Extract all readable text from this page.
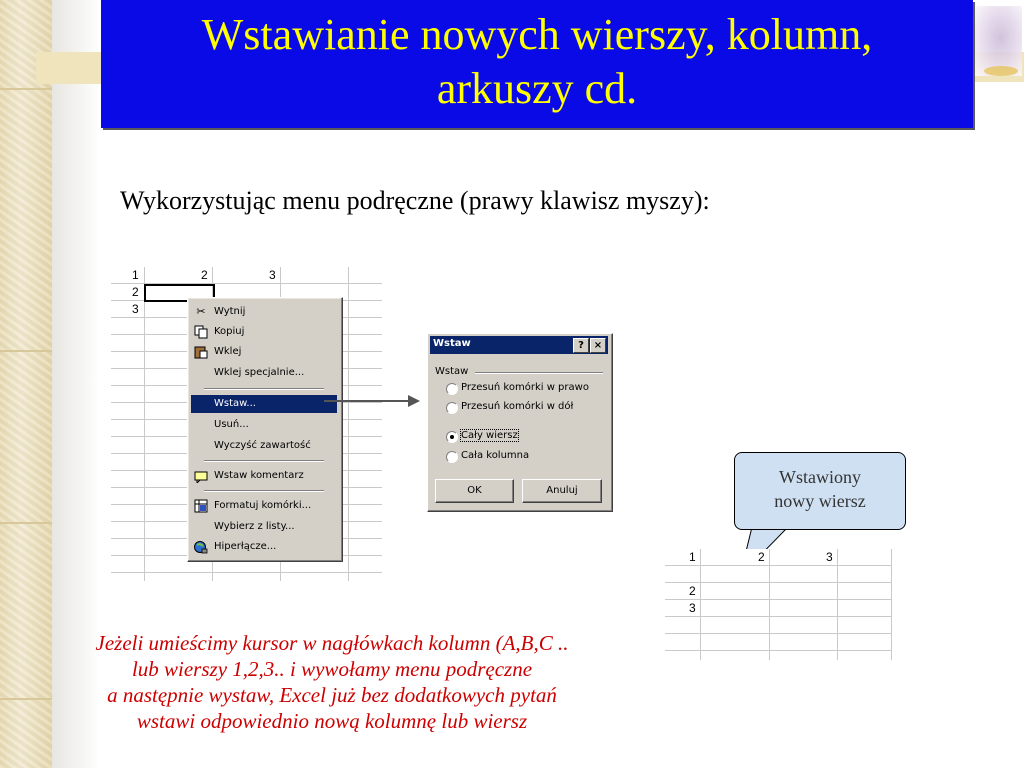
Wstawianie nowych wierszy, kolumn,
arkuszy cd.
Wykorzystując menu podręczne (prawy klawisz myszy):
1	2	3
2
3	✂ Wytnij
Kopiuj
Wklej
Wklej specjalnie...
Wstaw...
Usuń...
Wyczyść zawartość
Wstaw komentarz
Formatuj komórki...
Wybierz z listy...
Hiperłącze...
Wstaw	? ×
Wstaw
Przesuń komórki w prawo
Przesuń komórki w dół
Cały wiersz
Cała kolumna
OK	Anuluj
Wstawiony
nowy wiersz
1	2	3
2
3
Jeżeli umieścimy kursor w nagłówkach kolumn (A,B,C ..
lub wierszy 1,2,3.. i wywołamy menu podręczne
a następnie wystaw, Excel już bez dodatkowych pytań
wstawi odpowiednio nową kolumnę lub wiersz
